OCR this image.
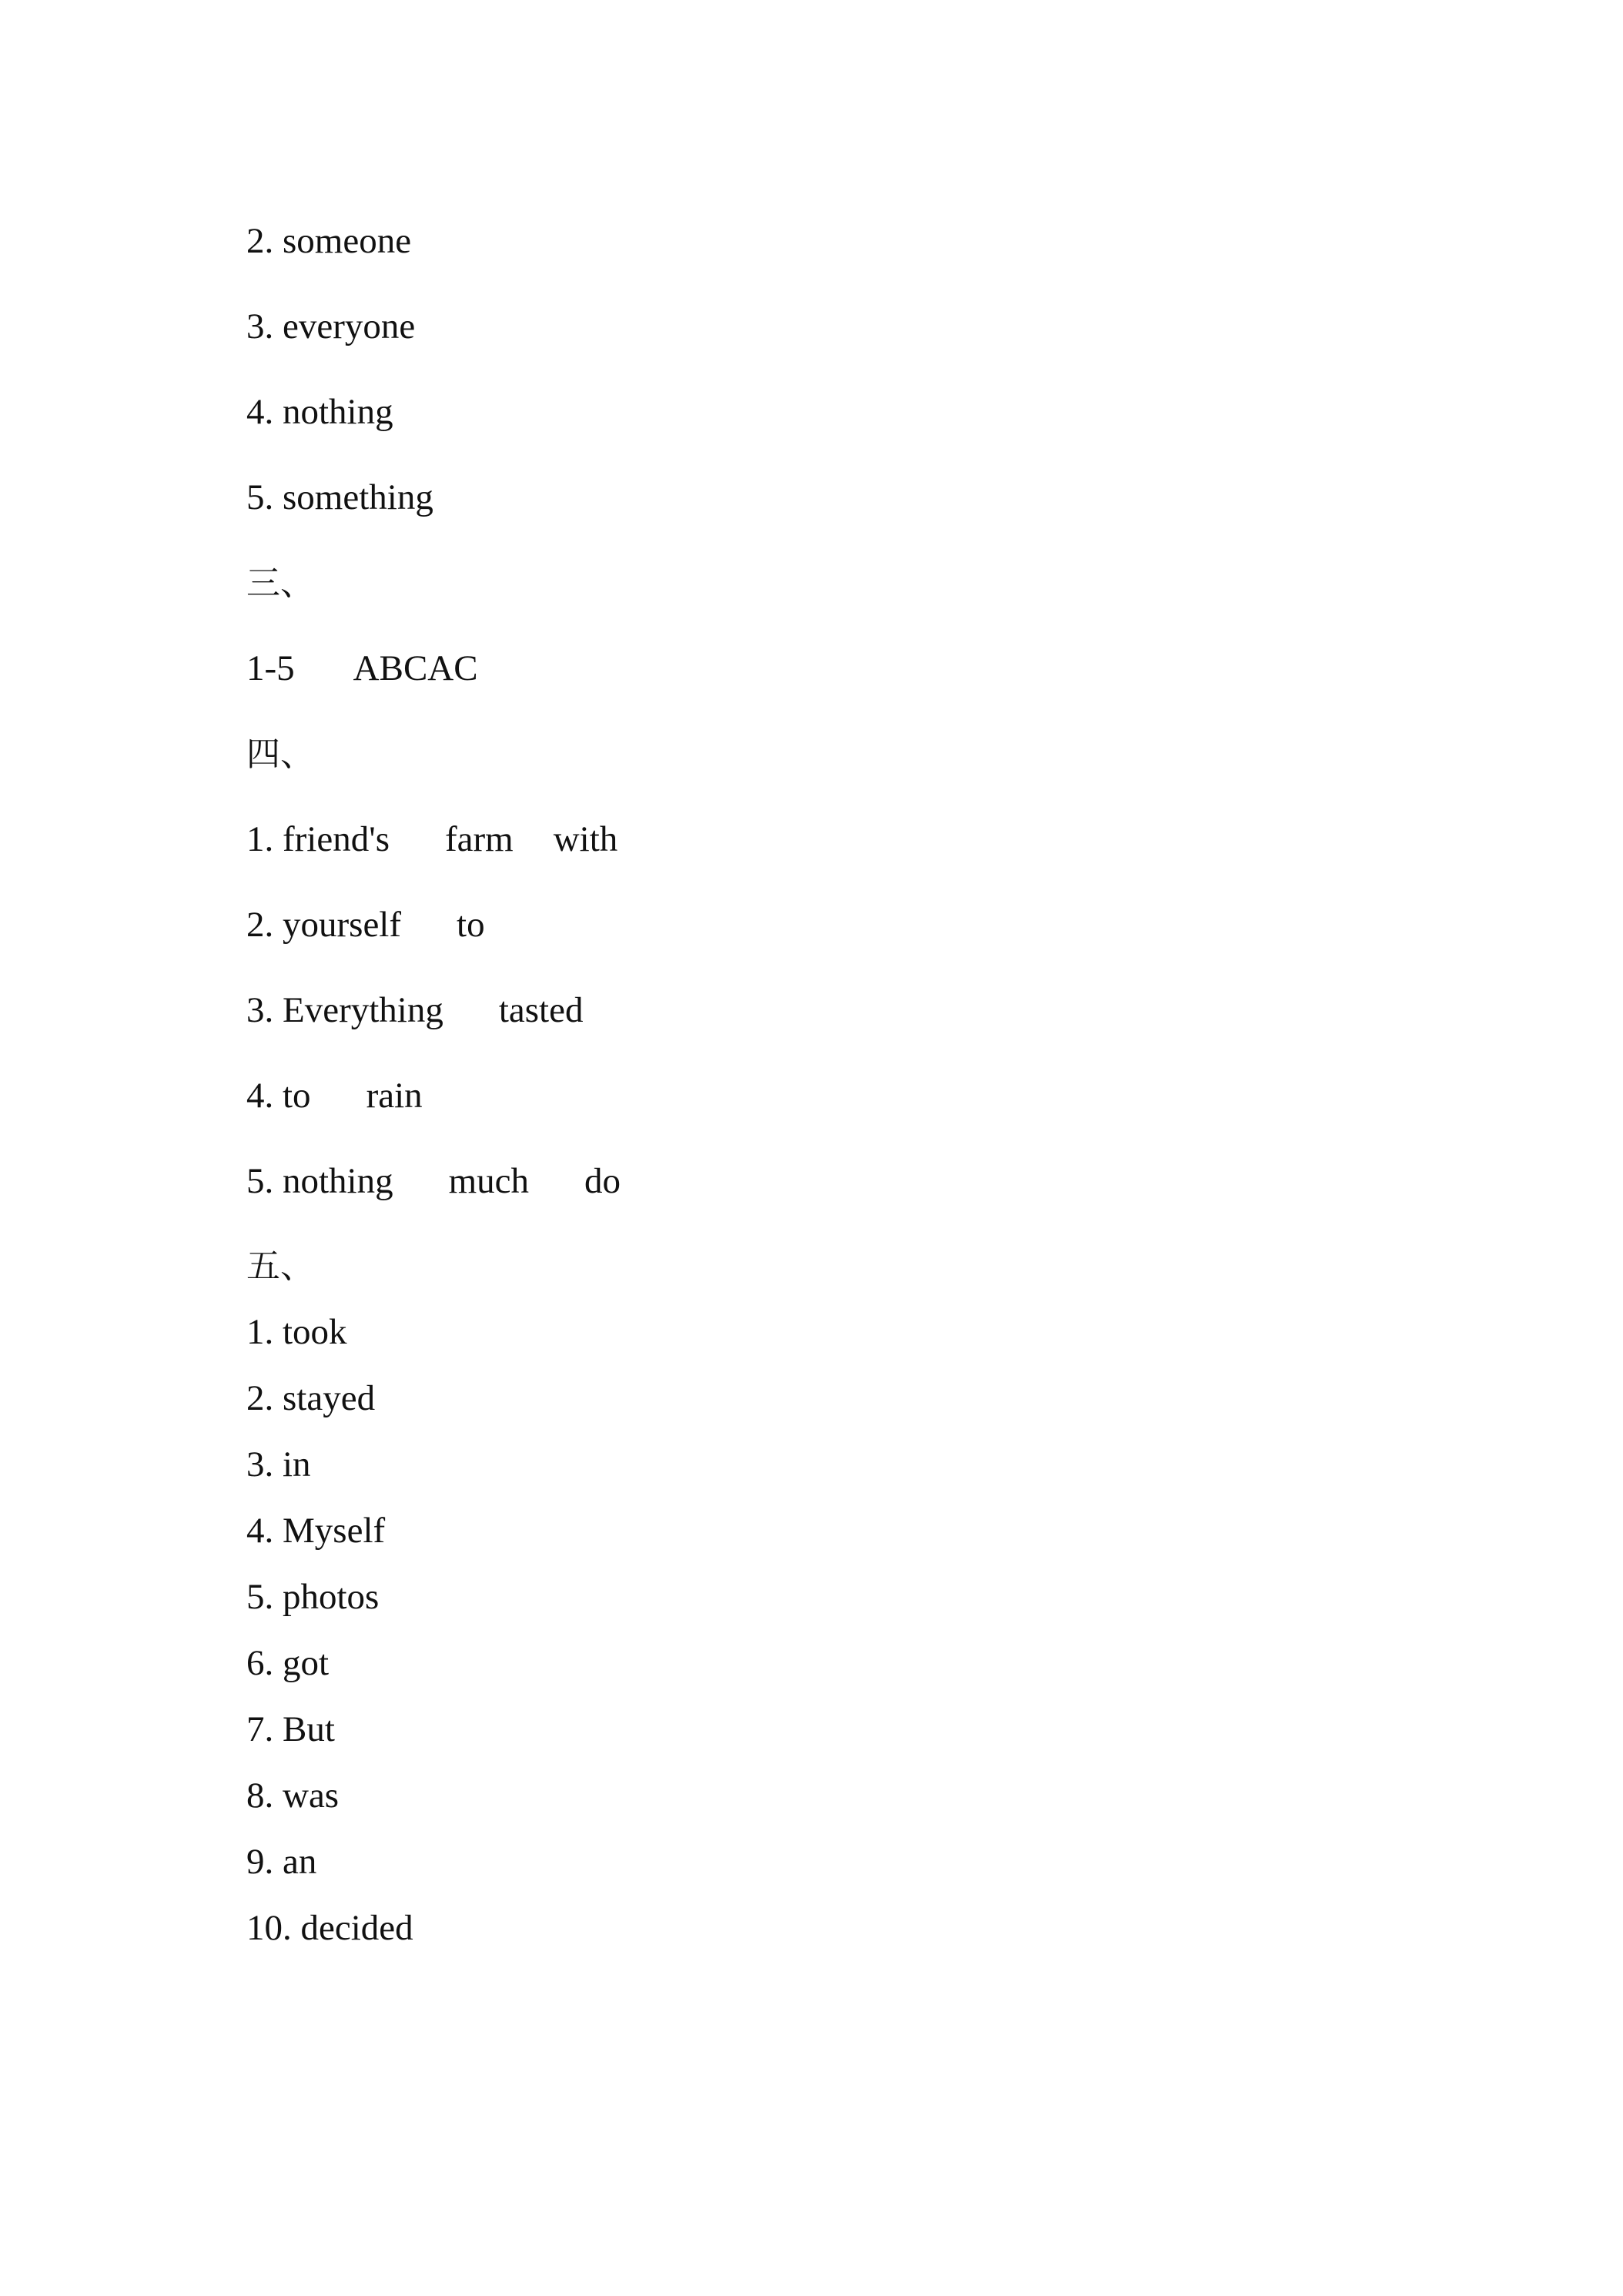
2. someone

3. everyone

4. nothing

5. something

三、

1-5 ABCAC

四、

1. friend's farm with

2. yourself to

3. Everything tasted

4. to rain

5. nothing much do

五、

1. took

2. stayed

3. in

4. Myself

5. photos

6. got

7. But

8. was

9. an

10. decided
